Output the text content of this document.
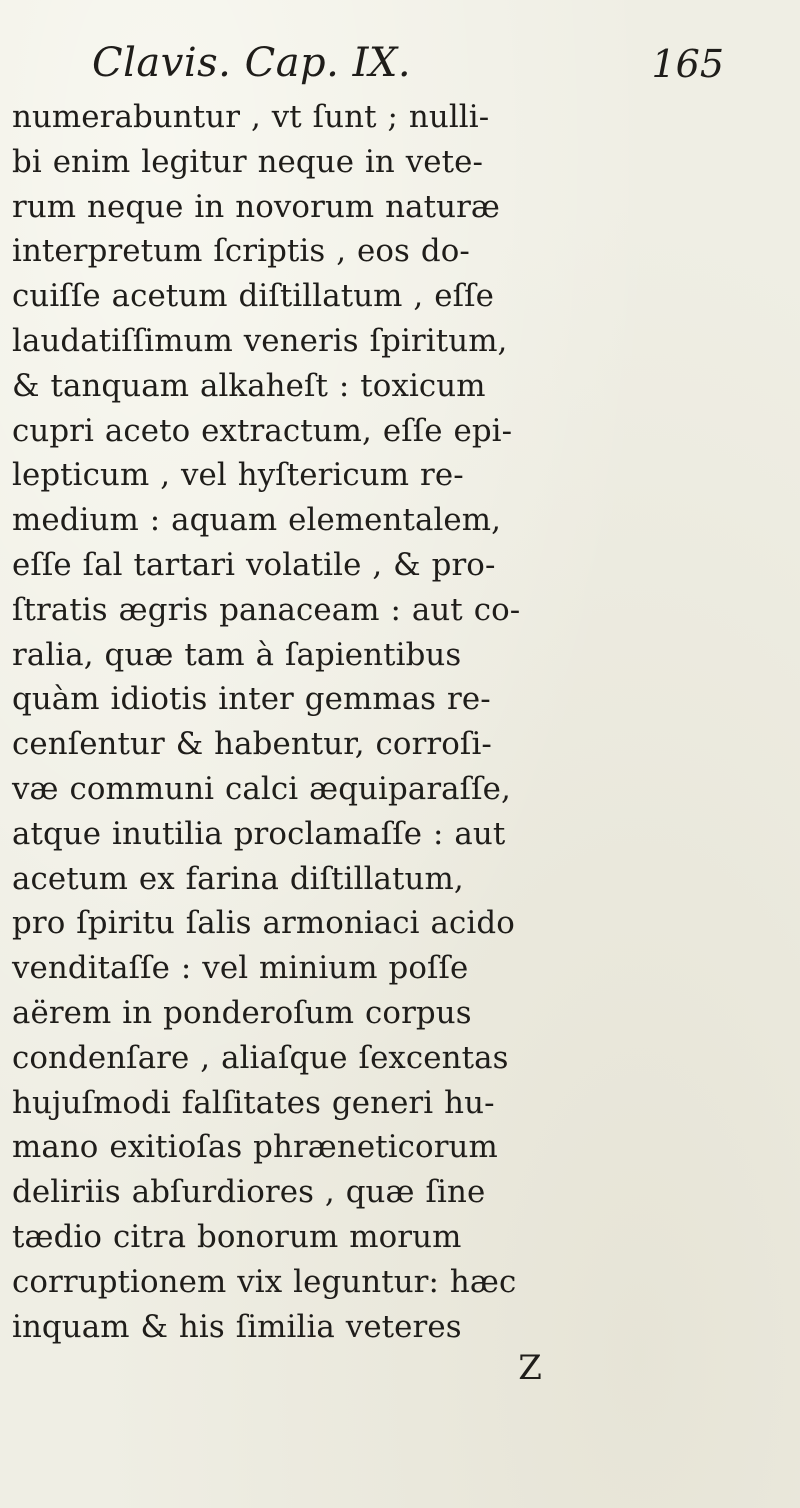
Clavis. Cap. IX.	165
numerabuntur , vt ſunt ; nulli-
bi enim legitur neque in vete-
rum neque in novorum naturæ
interpretum ſcriptis , eos do-
cuiſſe acetum diſtillatum , eſſe
laudatiſſimum veneris ſpiritum,
& tanquam alkaheſt : toxicum
cupri aceto extractum, eſſe epi-
lepticum , vel hyſtericum re-
medium : aquam elementalem,
eſſe ſal tartari volatile , & pro-
ſtratis ægris panaceam : aut co-
ralia, quæ tam à ſapientibus
quàm idiotis inter gemmas re-
cenſentur & habentur, corroſi-
væ communi calci æquiparaſſe,
atque inutilia proclamaſſe : aut
acetum ex farina diſtillatum,
pro ſpiritu ſalis armoniaci acido
venditaſſe : vel minium poſſe
aërem in ponderoſum corpus
condenſare , aliaſque ſexcentas
hujuſmodi falſitates generi hu-
mano exitioſas phræneticorum
deliriis abſurdiores , quæ ſine
tædio citra bonorum morum
corruptionem vix leguntur: hæc
inquam & his ſimilia veteres
Z
